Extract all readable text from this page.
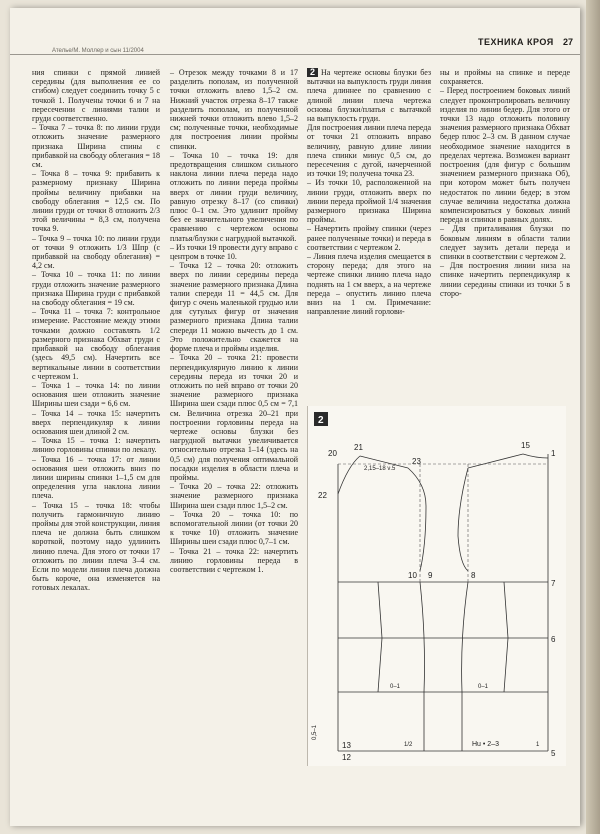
Ателье/М. Моллер и сын 11/2004
ТЕХНИКА КРОЯ 27

ния спинки с прямой линией середины (для выполнения ее со сгибом) следует соединить точку 5 с точкой 1. Получены точки 6 и 7 на пересечении с линиями талии и груди соответственно.

– Точка 7 – точка 8: по линии груди отложить значение размерного признака Ширина спины с прибавкой на свободу облегания = 18 см.

– Точка 8 – точка 9: прибавить к размерному признаку Ширина проймы величину прибавки на свободу облегания = 12,5 см. По линии груди от точки 8 отложить 2/3 этой величины = 8,3 см, получена точка 9.

– Точка 9 – точка 10: по линии груди от точки 9 отложить 1/3 Шпр (с прибавкой на свободу облегания) = 4,2 см.

– Точка 10 – точка 11: по линии груди отложить значение размерного признака Ширина груди с прибавкой на свободу облегания = 19 см.

– Точка 11 – точка 7: контрольное измерение. Расстояние между этими точками должно составлять 1/2 размерного признака Обхват груди с прибавкой на свободу облегания (здесь 49,5 см). Начертить все вертикальные линии в соответствии с чертежом 1.

– Точка 1 – точка 14: по линии основания шеи отложить значение Ширины шеи сзади = 6,6 см.

– Точка 14 – точка 15: начертить вверх перпендикуляр к линии основания шеи длиной 2 см.

– Точка 15 – точка 1: начертить линию горловины спинки по лекалу.

– Точка 16 – точка 17: от линии основания шеи отложить вниз по линии ширины спинки 1–1,5 см для определения угла наклона линии плеча.

– Точка 15 – точка 18: чтобы получить гармоничную линию проймы для этой конструкции, линия плеча не должна быть слишком короткой, поэтому надо удлинить линию плеча. Для этого от точки 17 отложить по линии плеча 3–4 см. Если по модели линия плеча должна быть короче, она изменяется на готовых лекалах.

– Отрезок между точками 8 и 17 разделить пополам, из полученной точки отложить влево 1,5–2 см. Нижний участок отрезка 8–17 также разделить пополам, из полученной нижней точки отложить влево 1,5–2 см; полученные точки, необходимые для построения линии проймы спинки.

– Точка 10 – точка 19: для предотвращения слишком сильного наклона линии плеча переда надо отложить по линии переда проймы вверх от линии груди величину, равную отрезку 8–17 (со спинки) плюс 0–1 см. Это удлинит пройму без ее значительного увеличения по сравнению с чертежом основы платья/блузки с нагрудной вытачкой.

– Из точки 19 провести дугу вправо с центром в точке 10.

– Точка 12 – точка 20: отложить вверх по линии середины переда значение размерного признака Длина талии спереди 11 = 44,5 см. Для фигур с очень маленькой грудью или для сутулых фигур от значения размерного признака Длина талии спереди 11 можно вычесть до 1 см. Это положительно скажется на форме плеча и проймы изделия.

– Точка 20 – точка 21: провести перпендикулярную линию к линии середины переда из точки 20 и отложить по ней вправо от точки 20 значение размерного признака Ширина шеи сзади плюс 0,5 см = 7,1 см. Величина отрезка 20–21 при построении горловины переда на чертеже основы блузки без нагрудной вытачки увеличивается относительно отрезка 1–14 (здесь на 0,5 см) для получения оптимальной посадки изделия в области плеча и проймы.

– Точка 20 – точка 22: отложить значение размерного признака Ширина шеи сзади плюс 1,5–2 см.

– Точка 20 – точка 10: по вспомогательной линии (от точки 20 к точке 10) отложить значение Ширины шеи сзади плюс 0,7–1 см.

– Точка 21 – точка 22: начертить линию горловины переда в соответствии с чертежом 1.

2 На чертеже основы блузки без вытачки на выпуклость груди линия плеча длиннее по сравнению с длиной линии плеча чертежа основы блузки/платья с вытачкой на выпуклость груди.

Для построения линии плеча переда от точки 21 отложить вправо величину, равную длине линии плеча спинки минус 0,5 см, до пересечения с дугой, начерченной из точки 19; получена точка 23.

– Из точки 10, расположенной на линии груди, отложить вверх по линии переда проймой 1/4 значения размерного признака Ширина проймы.

– Начертить пройму спинки (через ранее полученные точки) и переда в соответствии с чертежом 2.

– Линия плеча изделия смещается в сторону переда; для этого на чертеже спинки линию плеча надо поднять на 1 см вверх, а на чертеже переда – опустить линию плеча вниз на 1 см. Примечание: направление линий горлови-

ны и проймы на спинке и переде сохраняется.

– Перед построением боковых линий следует проконтролировать величину изделия по линии бедер. Для этого от точки 13 надо отложить половину значения размерного признака Обхват бедер плюс 2–3 см. В данном случае необходимое значение находится в пределах чертежа. Возможен вариант построения (для фигур с большим значением размерного признака Об), при котором может быть получен недостаток по линии бедер; в этом случае величина недостатка должна компенсироваться у боковых линий переда и спинки в равных долях.

– Для приталивания блузки по боковым линиям в области талии следует заузить детали переда и спинки в соответствии с чертежом 2.

– Для построения линии низа на спинке начертить перпендикуляр к линии середины спинки из точки 5 в сторо-

2
20
21
23
22
15
1
10 9	8
7
6
5
13
12
2,15–18 ν.5
0–1	0–1
Нu • 2–3
1/2
0,5–1
1
